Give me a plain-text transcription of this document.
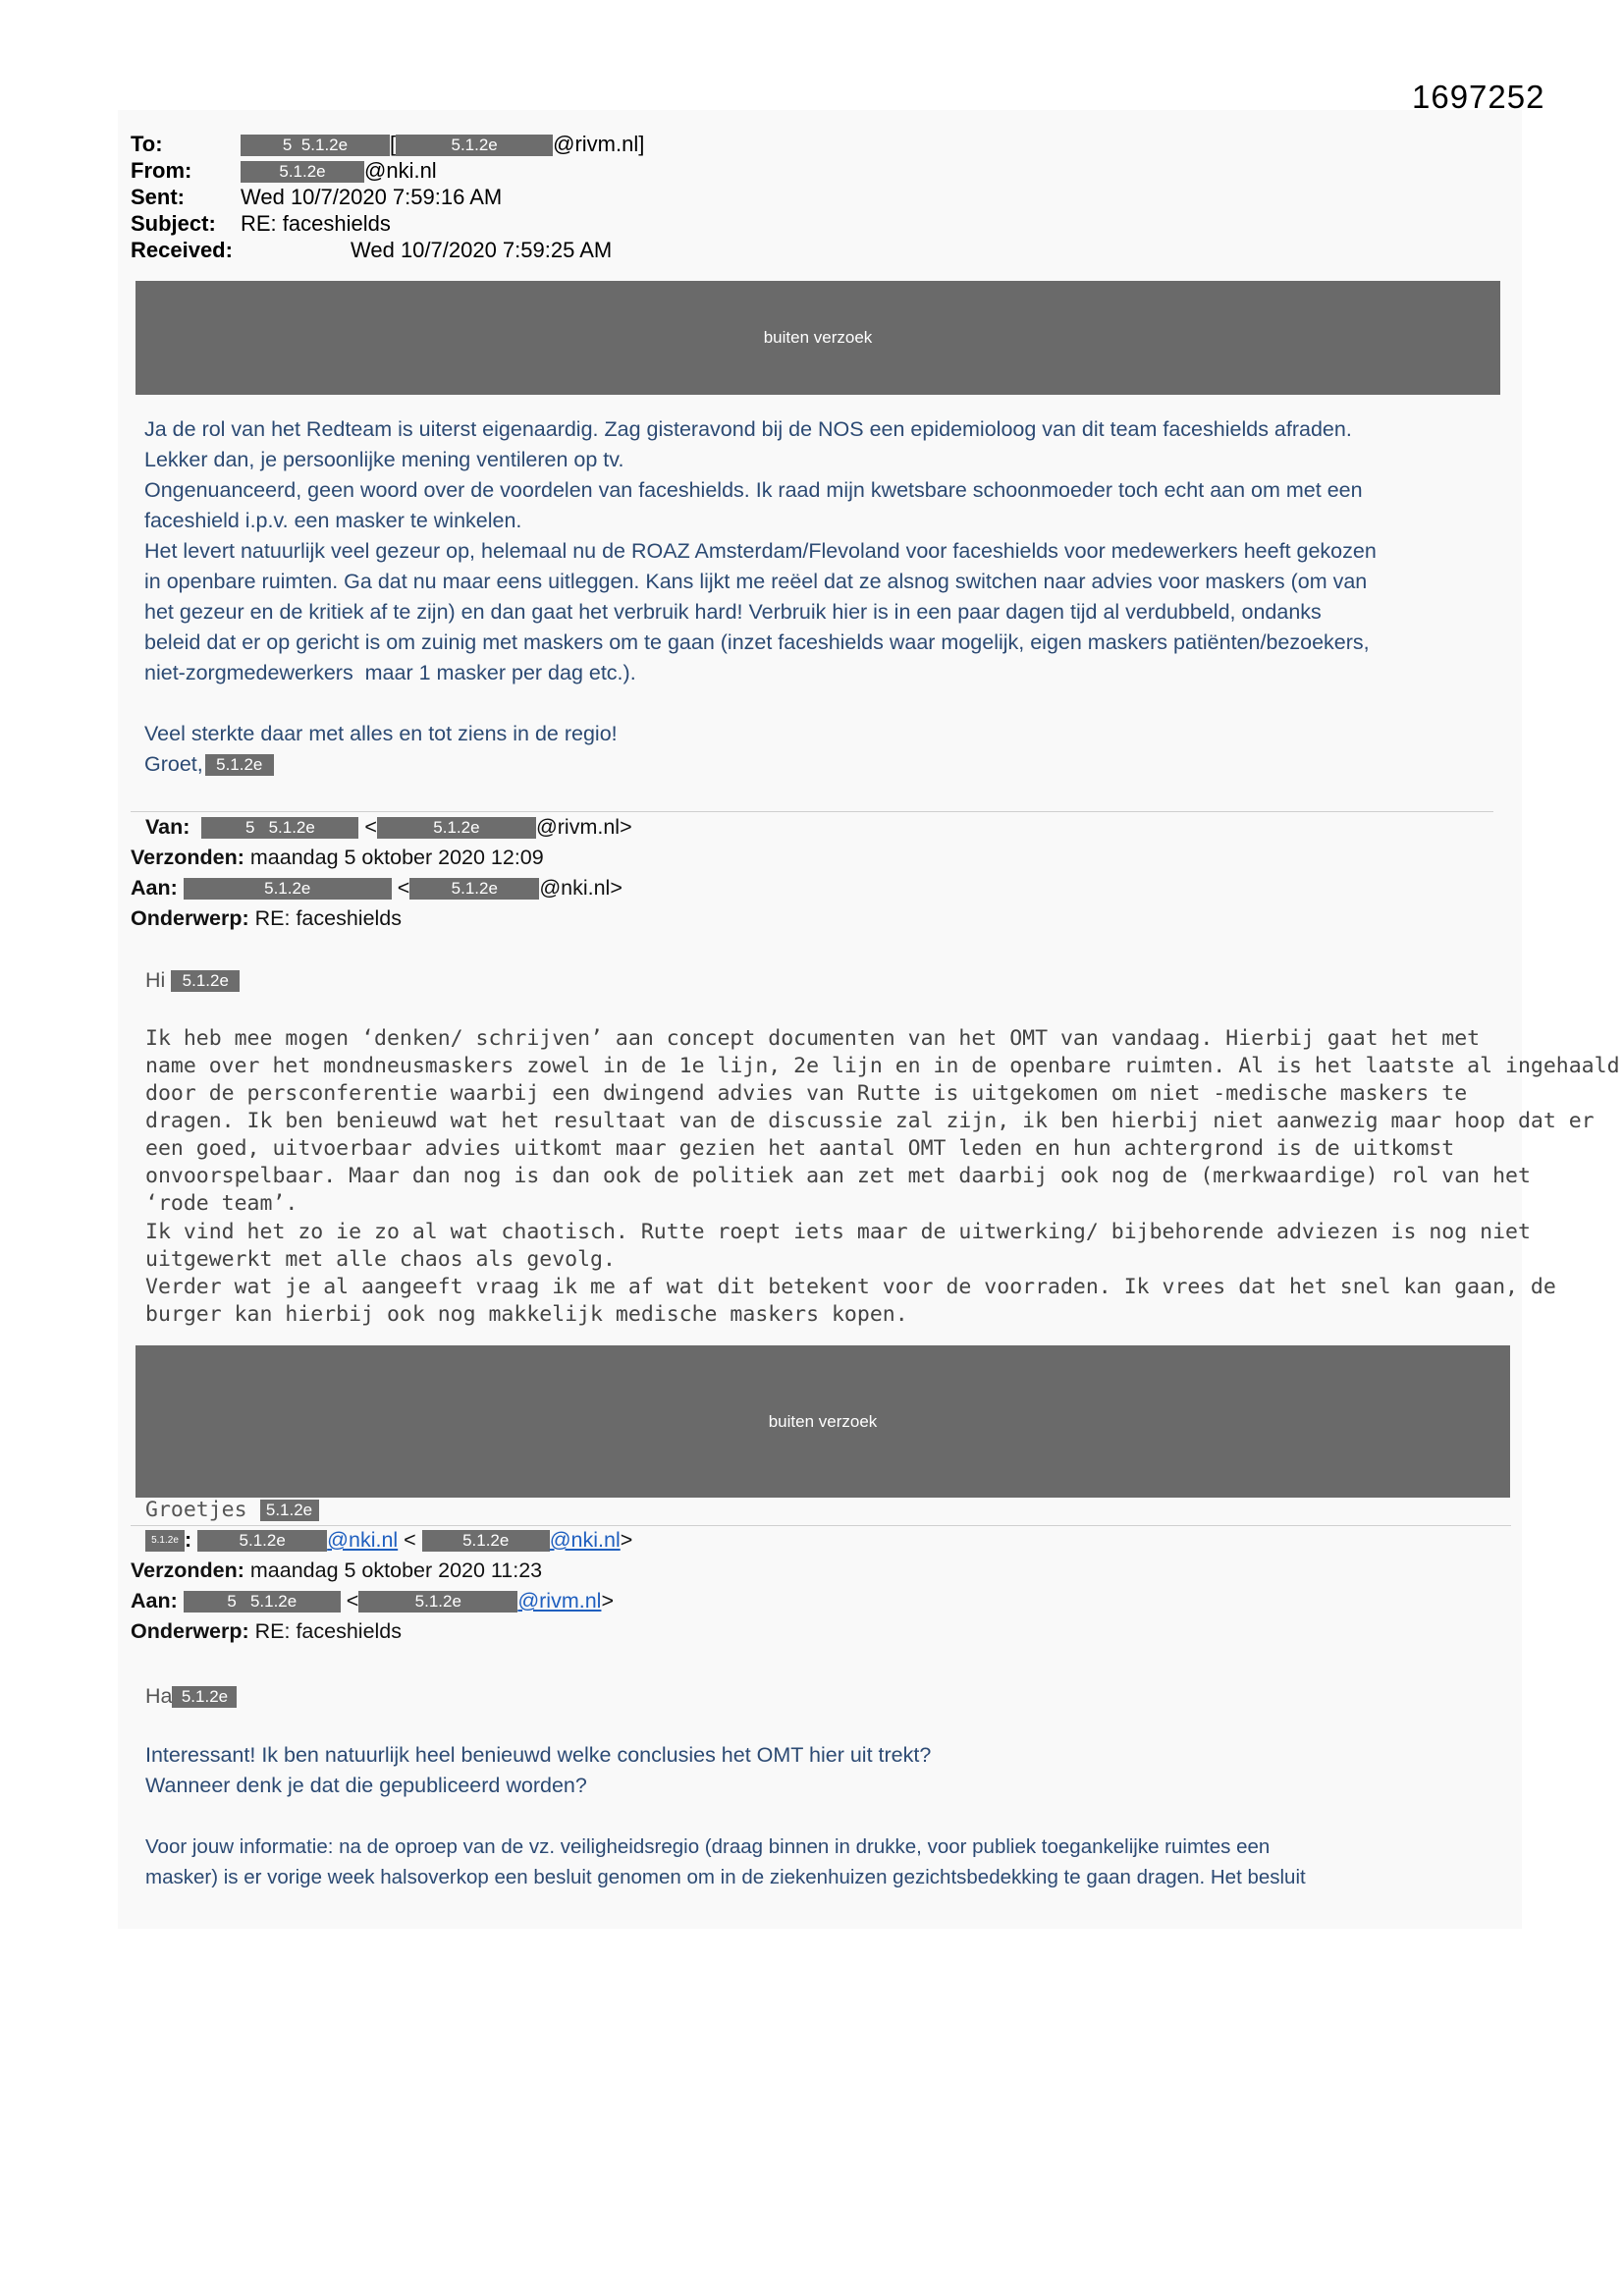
1697252
To:	5 5.1.2e [	5.1.2e	@rivm.nl]
From:	5.1.2e @nki.nl
Sent:	Wed 10/7/2020 7:59:16 AM
Subject: RE: faceshields
Received:	Wed 10/7/2020 7:59:25 AM
buiten verzoek
Ja de rol van het Redteam is uiterst eigenaardig. Zag gisteravond bij de NOS een epidemioloog van dit team faceshields afraden.
Lekker dan, je persoonlijke mening ventileren op tv.
Ongenuanceerd, geen woord over de voordelen van faceshields. Ik raad mijn kwetsbare schoonmoeder toch echt aan om met een
faceshield i.p.v. een masker te winkelen.
Het levert natuurlijk veel gezeur op, helemaal nu de ROAZ Amsterdam/Flevoland voor faceshields voor medewerkers heeft gekozen
in openbare ruimten. Ga dat nu maar eens uitleggen. Kans lijkt me reëel dat ze alsnog switchen naar advies voor maskers (om van
het gezeur en de kritiek af te zijn) en dan gaat het verbruik hard! Verbruik hier is in een paar dagen tijd al verdubbeld, ondanks
beleid dat er op gericht is om zuinig met maskers om te gaan (inzet faceshields waar mogelijk, eigen maskers patiënten/bezoekers,
niet-zorgmedewerkers  maar 1 masker per dag etc.).
Veel sterkte daar met alles en tot ziens in de regio!
Groet, 5.1.2e
Van:	5 5.1.2e <	5.1.2e	@rivm.nl>
Verzonden: maandag 5 oktober 2020 12:09
Aan:	5.1.2e	< 5.1.2e @nki.nl>
Onderwerp: RE: faceshields
Hi 5.1.2e
Ik heb mee mogen ‘denken/ schrijven’ aan concept documenten van het OMT van vandaag. Hierbij gaat het met
name over het mondneusmaskers zowel in de 1e lijn, 2e lijn en in de openbare ruimten. Al is het laatste al ingehaald
door de persconferentie waarbij een dwingend advies van Rutte is uitgekomen om niet -medische maskers te
dragen. Ik ben benieuwd wat het resultaat van de discussie zal zijn, ik ben hierbij niet aanwezig maar hoop dat er
een goed, uitvoerbaar advies uitkomt maar gezien het aantal OMT leden en hun achtergrond is de uitkomst
onvoorspelbaar. Maar dan nog is dan ook de politiek aan zet met daarbij ook nog de (merkwaardige) rol van het
‘rode team’.
Ik vind het zo ie zo al wat chaotisch. Rutte roept iets maar de uitwerking/ bijbehorende adviezen is nog niet
uitgewerkt met alle chaos als gevolg.
Verder wat je al aangeeft vraag ik me af wat dit betekent voor de voorraden. Ik vrees dat het snel kan gaan, de
burger kan hierbij ook nog makkelijk medische maskers kopen.
buiten verzoek
Groetjes 5.1.2e
5.1.2e :	5.1.2e @nki.nl <	5.1.2e @nki.nl>
Verzonden: maandag 5 oktober 2020 11:23
Aan:	5 5.1.2e <	5.1.2e	@rivm.nl>
Onderwerp: RE: faceshields
Ha 5.1.2e
Interessant! Ik ben natuurlijk heel benieuwd welke conclusies het OMT hier uit trekt?
Wanneer denk je dat die gepubliceerd worden?
Voor jouw informatie: na de oproep van de vz. veiligheidsregio (draag binnen in drukke, voor publiek toegankelijke ruimtes een
masker) is er vorige week halsoverkop een besluit genomen om in de ziekenhuizen gezichtsbedekking te gaan dragen. Het besluit
